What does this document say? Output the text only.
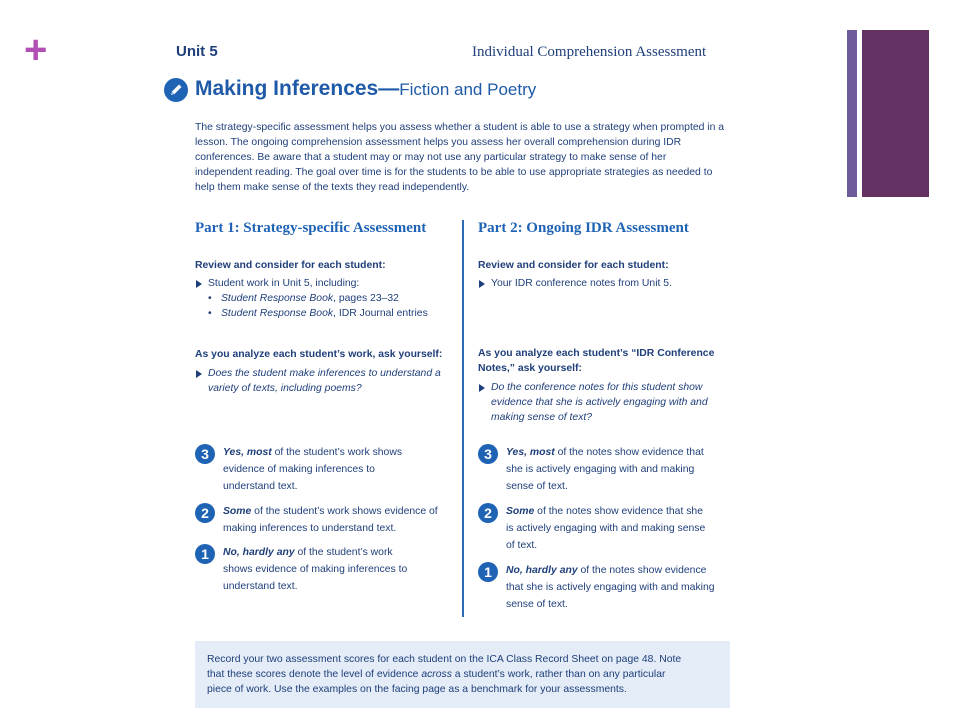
+	Unit 5	Individual Comprehension Assessment
Making Inferences—Fiction and Poetry
The strategy-specific assessment helps you assess whether a student is able to use a strategy when prompted in a lesson. The ongoing comprehension assessment helps you assess her overall comprehension during IDR conferences. Be aware that a student may or may not use any particular strategy to make sense of her independent reading. The goal over time is for the students to be able to use appropriate strategies as needed to help them make sense of the texts they read independently.
Part 1: Strategy-specific Assessment	Part 2: Ongoing IDR Assessment
Review and consider for each student:
Student work in Unit 5, including:
• Student Response Book, pages 23–32
• Student Response Book, IDR Journal entries
As you analyze each student’s work, ask yourself:
Does the student make inferences to understand a
variety of texts, including poems?
Review and consider for each student:
Your IDR conference notes from Unit 5.
As you analyze each student’s “IDR Conference
Notes,” ask yourself:
Do the conference notes for this student show
evidence that she is actively engaging with and
making sense of text?
3	Yes, most of the student’s work shows
evidence of making inferences to
understand text.
2	Some of the student’s work shows evidence of
making inferences to understand text.
1	No, hardly any of the student’s work
shows evidence of making inferences to
understand text.
3	Yes, most of the notes show evidence that
she is actively engaging with and making
sense of text.
2	Some of the notes show evidence that she
is actively engaging with and making sense
of text.
1	No, hardly any of the notes show evidence
that she is actively engaging with and making
sense of text.
Record your two assessment scores for each student on the ICA Class Record Sheet on page 48. Note
that these scores denote the level of evidence across a student’s work, rather than on any particular
piece of work. Use the examples on the facing page as a benchmark for your assessments.
